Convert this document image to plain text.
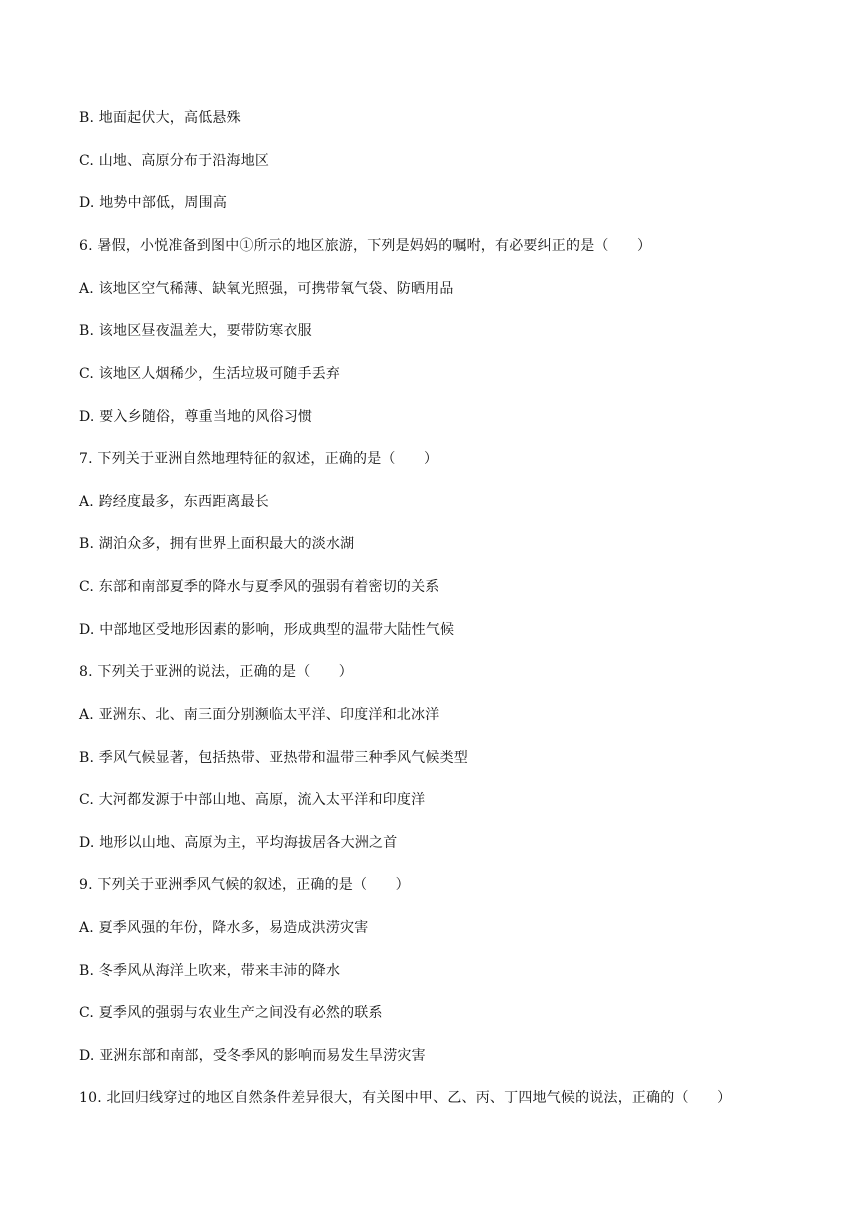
B. 地面起伏大，高低悬殊
C. 山地、高原分布于沿海地区
D. 地势中部低，周围高
6. 暑假，小悦准备到图中①所示的地区旅游，下列是妈妈的嘱咐，有必要纠正的是（　　）
A. 该地区空气稀薄、缺氧光照强，可携带氧气袋、防晒用品
B. 该地区昼夜温差大，要带防寒衣服
C. 该地区人烟稀少，生活垃圾可随手丢弃
D. 要入乡随俗，尊重当地的风俗习惯
7. 下列关于亚洲自然地理特征的叙述，正确的是（　　）
A. 跨经度最多，东西距离最长
B. 湖泊众多，拥有世界上面积最大的淡水湖
C. 东部和南部夏季的降水与夏季风的强弱有着密切的关系
D. 中部地区受地形因素的影响，形成典型的温带大陆性气候
8. 下列关于亚洲的说法，正确的是（　　）
A. 亚洲东、北、南三面分别濒临太平洋、印度洋和北冰洋
B. 季风气候显著，包括热带、亚热带和温带三种季风气候类型
C. 大河都发源于中部山地、高原，流入太平洋和印度洋
D. 地形以山地、高原为主，平均海拔居各大洲之首
9. 下列关于亚洲季风气候的叙述，正确的是（　　）
A. 夏季风强的年份，降水多，易造成洪涝灾害
B. 冬季风从海洋上吹来，带来丰沛的降水
C. 夏季风的强弱与农业生产之间没有必然的联系
D. 亚洲东部和南部，受冬季风的影响而易发生旱涝灾害
10. 北回归线穿过的地区自然条件差异很大，有关图中甲、乙、丙、丁四地气候的说法，正确的（　　）
